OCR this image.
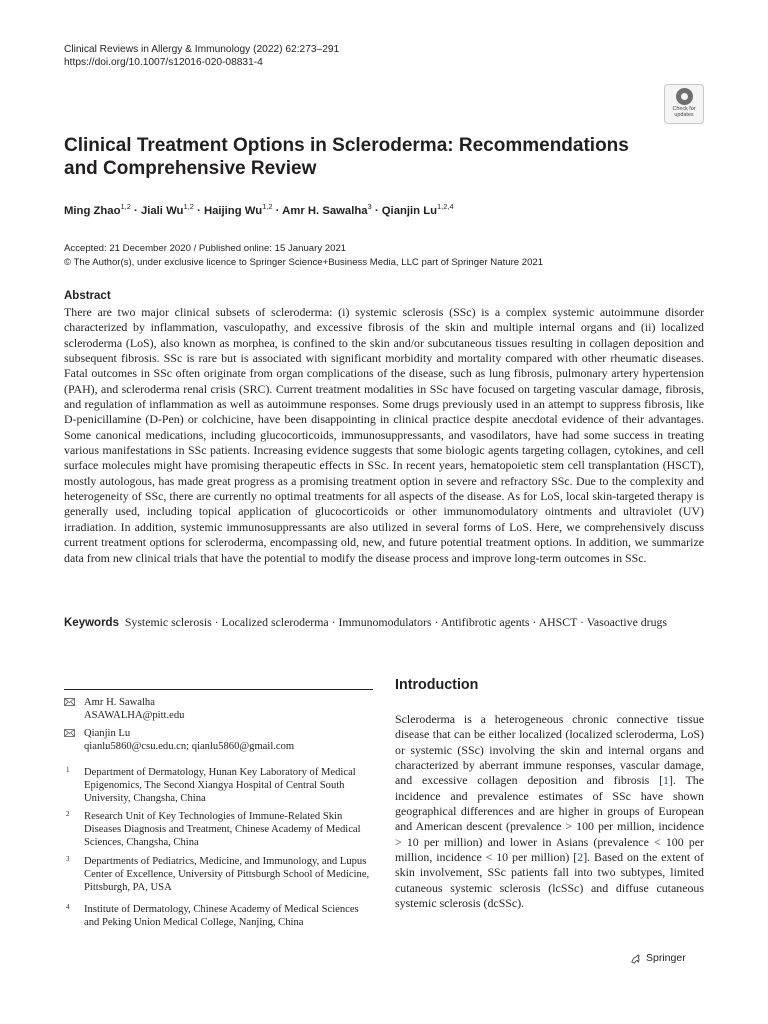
Clinical Reviews in Allergy & Immunology (2022) 62:273–291
https://doi.org/10.1007/s12016-020-08831-4
Check for
updates
Clinical Treatment Options in Scleroderma: Recommendations and Comprehensive Review
Ming Zhao$^{1,2}$ · Jiali Wu$^{1,2}$ · Haijing Wu$^{1,2}$ · Amr H. Sawalha$^3$ · Qianjin Lu$^{1,2,4}$
Accepted: 21 December 2020 / Published online: 15 January 2021
© The Author(s), under exclusive licence to Springer Science+Business Media, LLC part of Springer Nature 2021
Abstract
There are two major clinical subsets of scleroderma: (i) systemic sclerosis (SSc) is a complex systemic autoimmune disorder characterized by inflammation, vasculopathy, and excessive fibrosis of the skin and multiple internal organs and (ii) localized scleroderma (LoS), also known as morphea, is confined to the skin and/or subcutaneous tissues resulting in collagen deposition and subsequent fibrosis. SSc is rare but is associated with significant morbidity and mortality compared with other rheumatic diseases. Fatal outcomes in SSc often originate from organ complications of the disease, such as lung fibrosis, pulmonary artery hypertension (PAH), and scleroderma renal crisis (SRC). Current treatment modalities in SSc have focused on targeting vascular damage, fibrosis, and regulation of inflammation as well as autoimmune responses. Some drugs previously used in an attempt to suppress fibrosis, like D-penicillamine (D-Pen) or colchicine, have been disappointing in clinical practice despite anecdotal evidence of their advantages. Some canonical medications, including glucocorticoids, immunosuppressants, and vasodilators, have had some success in treating various manifestations in SSc patients. Increasing evidence suggests that some biologic agents targeting collagen, cytokines, and cell surface molecules might have promising therapeutic effects in SSc. In recent years, hematopoietic stem cell transplantation (HSCT), mostly autologous, has made great progress as a promising treatment option in severe and refractory SSc. Due to the complexity and heterogeneity of SSc, there are currently no optimal treatments for all aspects of the disease. As for LoS, local skin-targeted therapy is generally used, including topical application of glucocorticoids or other immunomodulatory ointments and ultraviolet (UV) irradiation. In addition, systemic immunosuppressants are also utilized in several forms of LoS. Here, we comprehensively discuss current treatment options for scleroderma, encompassing old, new, and future potential treatment options. In addition, we summarize data from new clinical trials that have the potential to modify the disease process and improve long-term outcomes in SSc.
Keywords Systemic sclerosis · Localized scleroderma · Immunomodulators · Antifibrotic agents · AHSCT · Vasoactive drugs
Amr H. Sawalha
ASAWALHA@pitt.edu
Qianjin Lu
qianlu5860@csu.edu.cn; qianlu5860@gmail.com
1 Department of Dermatology, Hunan Key Laboratory of Medical Epigenomics, The Second Xiangya Hospital of Central South University, Changsha, China
2 Research Unit of Key Technologies of Immune-Related Skin Diseases Diagnosis and Treatment, Chinese Academy of Medical Sciences, Changsha, China
3 Departments of Pediatrics, Medicine, and Immunology, and Lupus Center of Excellence, University of Pittsburgh School of Medicine, Pittsburgh, PA, USA
4 Institute of Dermatology, Chinese Academy of Medical Sciences and Peking Union Medical College, Nanjing, China
Introduction
Scleroderma is a heterogeneous chronic connective tissue disease that can be either localized (localized scleroderma, LoS) or systemic (SSc) involving the skin and internal organs and characterized by aberrant immune responses, vascular damage, and excessive collagen deposition and fibrosis [1]. The incidence and prevalence estimates of SSc have shown geographical differences and are higher in groups of European and American descent (prevalence > 100 per million, incidence > 10 per million) and lower in Asians (prevalence < 100 per million, incidence < 10 per million) [2]. Based on the extent of skin involvement, SSc patients fall into two subtypes, limited cutaneous systemic sclerosis (lcSSc) and diffuse cutaneous systemic sclerosis (dcSSc).
Springer
